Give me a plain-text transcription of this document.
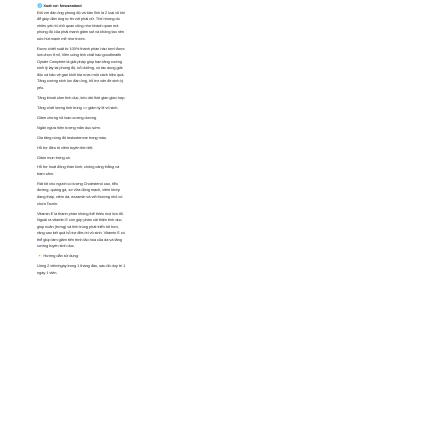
🌐 Xuất xứ: Newzealand
Đối với đàn ông phong độ và bản lĩnh là 2 loại vũ khí
để giúp đàn ông tự tin với phái nữ. Thế nhưng do
nhiều yếu tố chủ quan cũng như khách quan mà
phong độ của phái mạnh giảm sút và không tạo nên
sức hút mạnh mẽ như trước.
Được chiết xuất từ 100% thành phần hàu tươi được
lựa chọn tỉ mỉ, Viên uống tinh chất hàu goodhealth
Oyster Complete là giải pháp giúp bạn tăng cường
sinh lý lấy lại phong độ, bổ dưỡng, có tác dụng giải
độc và bảo vệ gan khỏi bia rượu một cách hiệu quả.
Tăng cường sinh lực đàn ông, hỗ trợ vấn đề sinh lý
yếu.
Tăng khoái cảm tình dục, kéo dài thời gian giao hợp.
Tăng chất lượng tinh trùng => giảm tỷ lệ vô sinh.
Giảm chứng rối loạn cương dương.
Ngăn ngừa hiện tượng mãn dục sớm.
Gia tăng nồng độ testosterone trong máu.
Hỗ trợ điều trị viêm tuyến tiền liệt.
Giảm mụn trứng cá.
Hỗ trợ hoạt động thần kinh, chống căng thẳng và
trầm cảm.
Rất tốt cho người có lượng Cholesterol cao, tiểu
đường, quáng gà, xơ vữa động mạch, viêm khớp
đang thấp, viêm da, eczamin và vết thương nhỏ có
chứa Taurin.
Vitamin E là thành phần không thể thiếu mọi lứa tổi.
Ngoài ra vitamin E còn góp phần cải thiện tình dục,
giúp noãn (trứng) và tinh trùng phát triển tốt hơn,
răng cao kết quả hỗ trợ điều trị vô sinh. Vitamin E có
thể giúp làm giảm tiến trình lão hóa của da và tăng
cường tuyến sinh dục.
🔸 Hướng dẫn sử dụng:
Uống 2 viên/ngày trong 1 tháng đầu, sau đó duy trì 1
ngày 1 viên.
